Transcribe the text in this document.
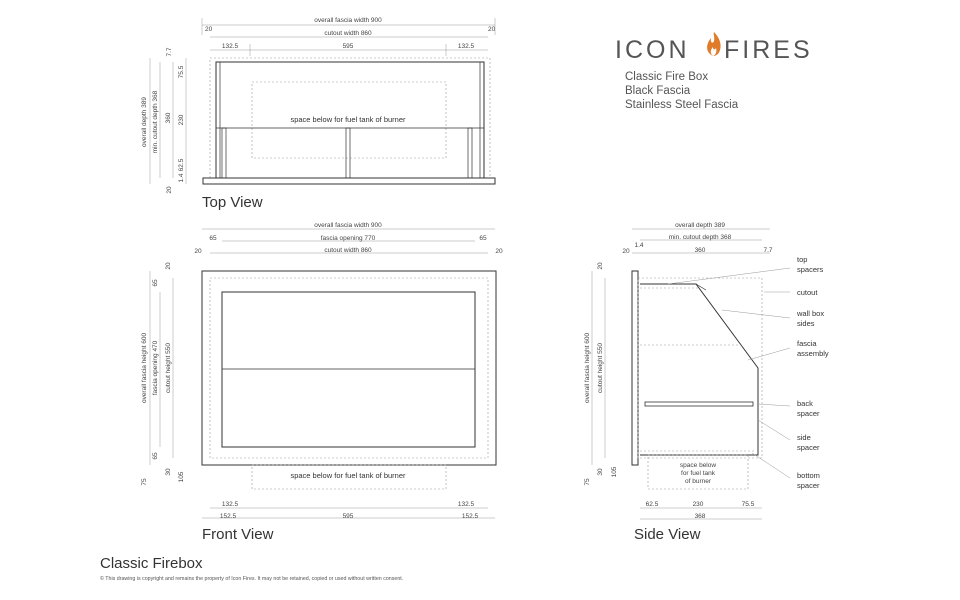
ICON FIRES
Classic Fire Box
Black Fascia
Stainless Steel Fascia
overall fascia width 900
20	20
cutout width 860
132.5	595	132.5
space below for fuel tank of burner
overall depth 389 min. cutout depth 368 360
7.7
75.5
230
62.5
1.4
20
Top View
overall fascia width 900
65	fascia opening 770	65
20	cutout width 860	20
space below for fuel tank of burner
overall fascia height 600 fascia opening 470 cutout height 550
65
20
65
30
75	105
132.5	132.5
152.5	595	152.5
Front View
overall depth 389
min. cutout depth 368
1.4
20	360	7.7
space below
for fuel tank
of burner
top
spacers
cutout
wall box
sides
fascia
assembly
back
spacer
side
spacer
bottom
spacer
overall fascia height 600 cutout height 550
20
30
75
105
62.5	230	75.5
368
Side View
Classic Firebox
© This drawing is copyright and remains the property of Icon Fires. It may not be retained, copied or used without written consent.
